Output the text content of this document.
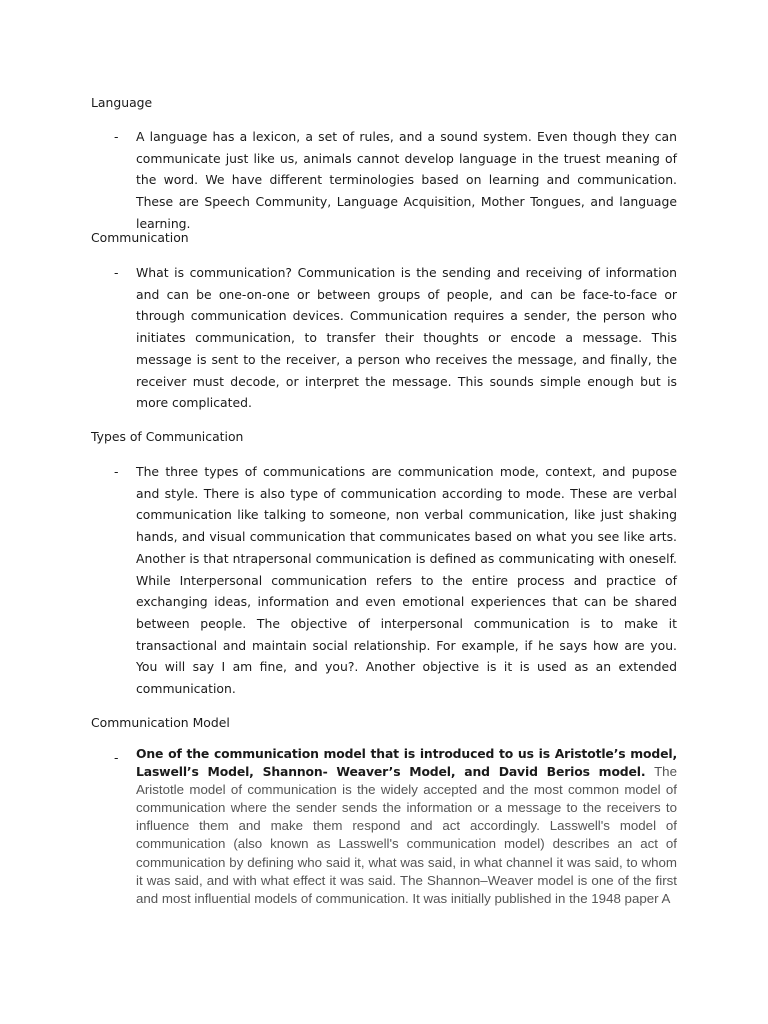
Language
- A language has a lexicon, a set of rules, and a sound system. Even though they can communicate just like us, animals cannot develop language in the truest meaning of the word. We have different terminologies based on learning and communication. These are Speech Community, Language Acquisition, Mother Tongues, and language learning.
Communication
- What is communication? Communication is the sending and receiving of information and can be one-on-one or between groups of people, and can be face-to-face or through communication devices. Communication requires a sender, the person who initiates communication, to transfer their thoughts or encode a message. This message is sent to the receiver, a person who receives the message, and finally, the receiver must decode, or interpret the message. This sounds simple enough but is more complicated.
Types of Communication
- The three types of communications are communication mode, context, and pupose and style. There is also type of communication according to mode. These are verbal communication like talking to someone, non verbal communication, like just shaking hands, and visual communication that communicates based on what you see like arts. Another is that ntrapersonal communication is defined as communicating with oneself. While Interpersonal communication refers to the entire process and practice of exchanging ideas, information and even emotional experiences that can be shared between people. The objective of interpersonal communication is to make it transactional and maintain social relationship. For example, if he says how are you. You will say I am fine, and you?. Another objective is it is used as an extended communication.
Communication Model
- One of the communication model that is introduced to us is Aristotle’s model, Laswell’s Model, Shannon- Weaver’s Model, and David Berios model. The Aristotle model of communication is the widely accepted and the most common model of communication where the sender sends the information or a message to the receivers to influence them and make them respond and act accordingly. Lasswell's model of communication (also known as Lasswell's communication model) describes an act of communication by defining who said it, what was said, in what channel it was said, to whom it was said, and with what effect it was said. The Shannon–Weaver model is one of the first and most influential models of communication. It was initially published in the 1948 paper A
